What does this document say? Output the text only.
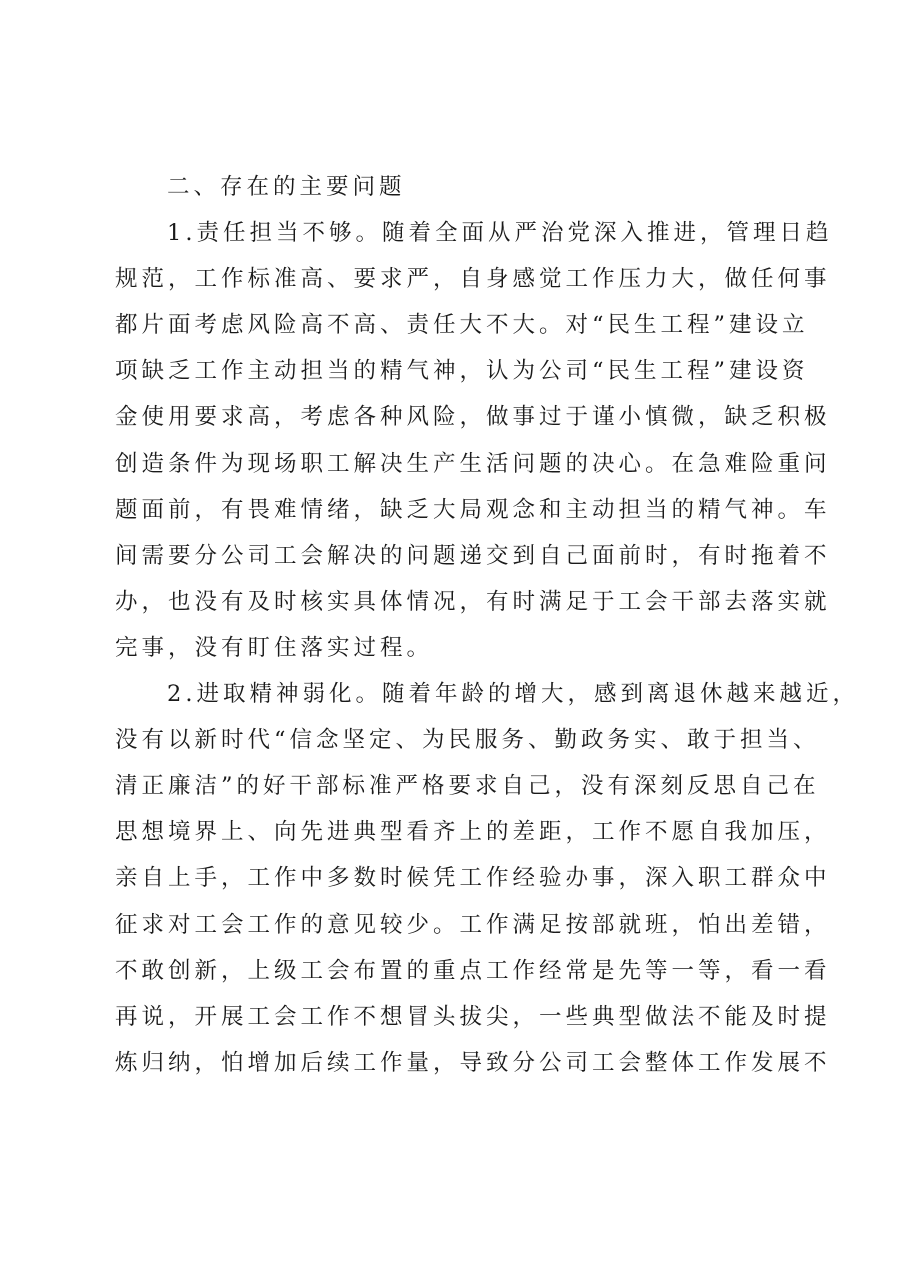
二、存在的主要问题
1.责任担当不够。随着全面从严治党深入推进，管理日趋
规范，工作标准高、要求严，自身感觉工作压力大，做任何事
都片面考虑风险高不高、责任大不大。对“民生工程”建设立
项缺乏工作主动担当的精气神，认为公司“民生工程”建设资
金使用要求高，考虑各种风险，做事过于谨小慎微，缺乏积极
创造条件为现场职工解决生产生活问题的决心。在急难险重问
题面前，有畏难情绪，缺乏大局观念和主动担当的精气神。车
间需要分公司工会解决的问题递交到自己面前时，有时拖着不
办，也没有及时核实具体情况，有时满足于工会干部去落实就
完事，没有盯住落实过程。
2.进取精神弱化。随着年龄的增大，感到离退休越来越近，
没有以新时代“信念坚定、为民服务、勤政务实、敢于担当、
清正廉洁”的好干部标准严格要求自己，没有深刻反思自己在
思想境界上、向先进典型看齐上的差距，工作不愿自我加压，
亲自上手，工作中多数时候凭工作经验办事，深入职工群众中
征求对工会工作的意见较少。工作满足按部就班，怕出差错，
不敢创新，上级工会布置的重点工作经常是先等一等，看一看
再说，开展工会工作不想冒头拔尖，一些典型做法不能及时提
炼归纳，怕增加后续工作量，导致分公司工会整体工作发展不
